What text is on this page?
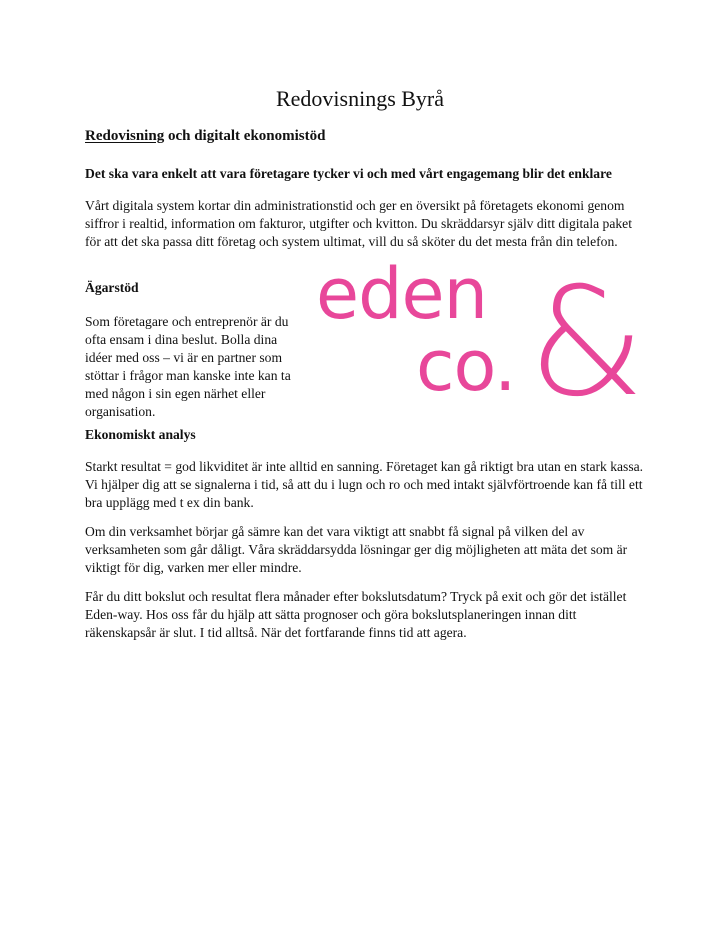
Redovisnings Byrå
Redovisning och digitalt ekonomistöd
Det ska vara enkelt att vara företagare tycker vi och med vårt engagemang blir det enklare
Vårt digitala system kortar din administrationstid och ger en översikt på företagets ekonomi genom siffror i realtid, information om fakturor, utgifter och kvitton. Du skräddarsyr själv ditt digitala paket för att det ska passa ditt företag och system ultimat, vill du så sköter du det mesta från din telefon.
Ägarstöd
Som företagare och entreprenör är du ofta ensam i dina beslut. Bolla dina idéer med oss – vi är en partner som stöttar i frågor man kanske inte kan ta med någon i sin egen närhet eller organisation.
eden
co. &
Ekonomiskt analys
Starkt resultat = god likviditet är inte alltid en sanning. Företaget kan gå riktigt bra utan en stark kassa. Vi hjälper dig att se signalerna i tid, så att du i lugn och ro och med intakt självförtroende kan få till ett bra upplägg med t ex din bank.
Om din verksamhet börjar gå sämre kan det vara viktigt att snabbt få signal på vilken del av verksamheten som går dåligt. Våra skräddarsydda lösningar ger dig möjligheten att mäta det som är viktigt för dig, varken mer eller mindre.
Får du ditt bokslut och resultat flera månader efter bokslutsdatum? Tryck på exit och gör det istället Eden-way. Hos oss får du hjälp att sätta prognoser och göra bokslutsplaneringen innan ditt räkenskapsår är slut. I tid alltså. När det fortfarande finns tid att agera.
